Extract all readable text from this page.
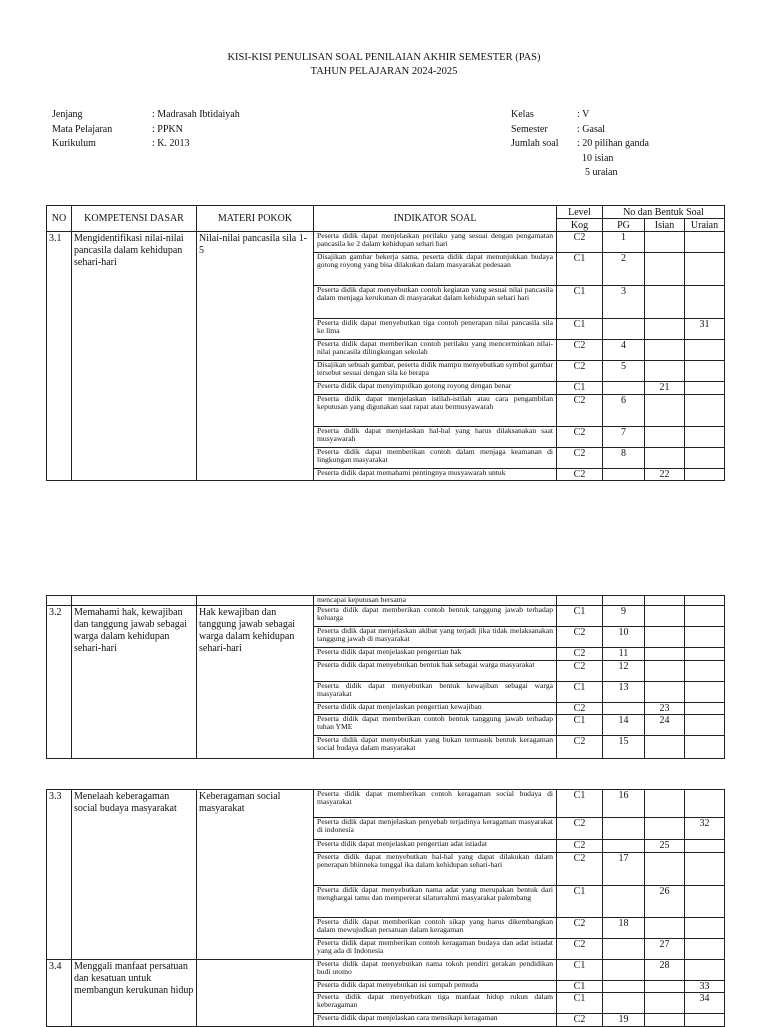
KISI-KISI PENULISAN SOAL PENILAIAN AKHIR SEMESTER (PAS)
TAHUN PELAJARAN 2024-2025
Jenjang	: Madrasah Ibtidaiyah
Mata Pelajaran	: PPKN
Kurikulum	: K. 2013
Kelas	: V
Semester	: Gasal
Jumlah soal	: 20 pilihan ganda
10 isian
5 uraian
NO	KOMPETENSI DASAR	MATERI POKOK	INDIKATOR SOAL	Level	No dan Bentuk Soal		
				Kog	PG	Isian	Uraian
3.1	Mengidentifikasi nilai-nilai pancasila dalam kehidupan sehari-hari	Nilai-nilai pancasila sila 1-5	Peserta didik dapat menjelaskan perilaku yang sesuai dengan pengamatan pancasila ke 2 dalam kehidupan sehari hari	C2	1		
			Disajikan gambar bekerja sama, peserta didik dapat menunjukkan budaya gotong royong yang bisa dilakukan dalam masyarakat pedesaan	C1	2		
			Peserta didik dapat menyebutkan contoh kegiatan yang sesuai nilai pancasila dalam menjaga kerukunan di masyarakat dalam kehidupan sehari hari	C1	3		
			Peserta didik dapat menyebutkan tiga contoh penerapan nilai pancasila sila ke lima	C1			31
			Peserta didik dapat memberikan contoh perilaku yang mencerminkan nilai-nilai pancasila dilingkungan sekolah	C2	4		
			Disajikan sebuah gambar, peserta didik mampu menyebutkan symbol gambar tersebut sesuai dengan sila ke berapa	C2	5		
			Peserta didik dapat menyimpulkan gotong royong dengan benar	C1		21	
			Peserta didik dapat menjelaskan istilah-istilah atau cara pengambilan keputusan yang digunakan saat rapat atau bermusyawarah	C2	6		
			Peserta didik dapat menjelaskan hal-hal yang harus dilaksanakan saat musyawarah	C2	7		
			Peserta didik dapat memberikan contoh dalam menjaga keamanan di lingkungan masyarakat	C2	8		
			Peserta didik dapat memahami pentingnya musyawarah untuk	C2		22	
			mencapai keputusan bersama				
3.2	Memahami hak, kewajiban dan tanggung jawab sebagai warga dalam kehidupan sehari-hari	Hak kewajiban dan tanggung jawab sebagai warga dalam kehidupan sehari-hari	Peserta didik dapat memberikan contoh bentuk tanggung jawab terhadap keluarga	C1	9		
			Peserta didik dapat menjelaskan akibat yang terjadi jika tidak melaksanakan tanggung jawab di masyarakat	C2	10		
			Peserta didik dapat menjelaskan pengertian hak	C2	11		
			Peserta didik dapat menyebutkan bentuk hak sebagai warga masyarakat	C2	12		
			Peserta didik dapat menyebutkan bentuk kewajiban sebagai warga masyarakat	C1	13		
			Peserta didik dapat menjelaskan pengertian kewajiban	C2		23	
			Peserta didik dapat memberikan contoh bentuk tanggung jawab terhadap tuhan YME	C1	14	24	
			Peserta didik dapat menyebutkan yang bukan termasuk bentuk keragaman social budaya dalam masyarakat	C2	15		
3.3	Menelaah keberagaman social budaya masyarakat	Keberagaman social masyarakat	Peserta didik dapat memberikan contoh keragaman social budaya di masyarakat	C1	16		
			Peserta didik dapat menjelaskan penyebab terjadinya keragaman masyarakat di indonesia	C2			32
			Peserta didik dapat menjelaskan pengertian adat istiadat	C2		25	
			Peserta didik dapat menyebutkan hal-hal yang dapat dilakukan dalam penerapan bhinneka tunggal ika dalam kehidupan sehari-hari	C2	17		
			Peserta didik dapat menyebutkan nama adat yang merupakan bentuk dari menghargai tamu dan mempererat silaturrahmi masyarakat palembang	C1		26	
			Peserta didik dapat memberikan contoh sikap yang harus dikembangkan dalam mewujudkan persatuan dalam keragaman	C2	18		
			Peserta didik dapat memberikan contoh keragaman budaya dan adat istiadat yang ada di Indonesia	C2		27	
3.4	Menggali manfaat persatuan dan kesatuan untuk membangun kerukunan hidup		Peserta didik dapat menyebutkan nama tokoh pendiri gerakan pendidikan budi utomo	C1		28	
			Peserta didik dapat menyebutkan isi sumpah pemuda	C1			33
			Peserta didik dapat menyebutkan tiga manfaat hidup rukun dalam keberagaman	C1			34
			Peserta didik dapat menjelaskan cara mensikapi keragaman	C2	19		
